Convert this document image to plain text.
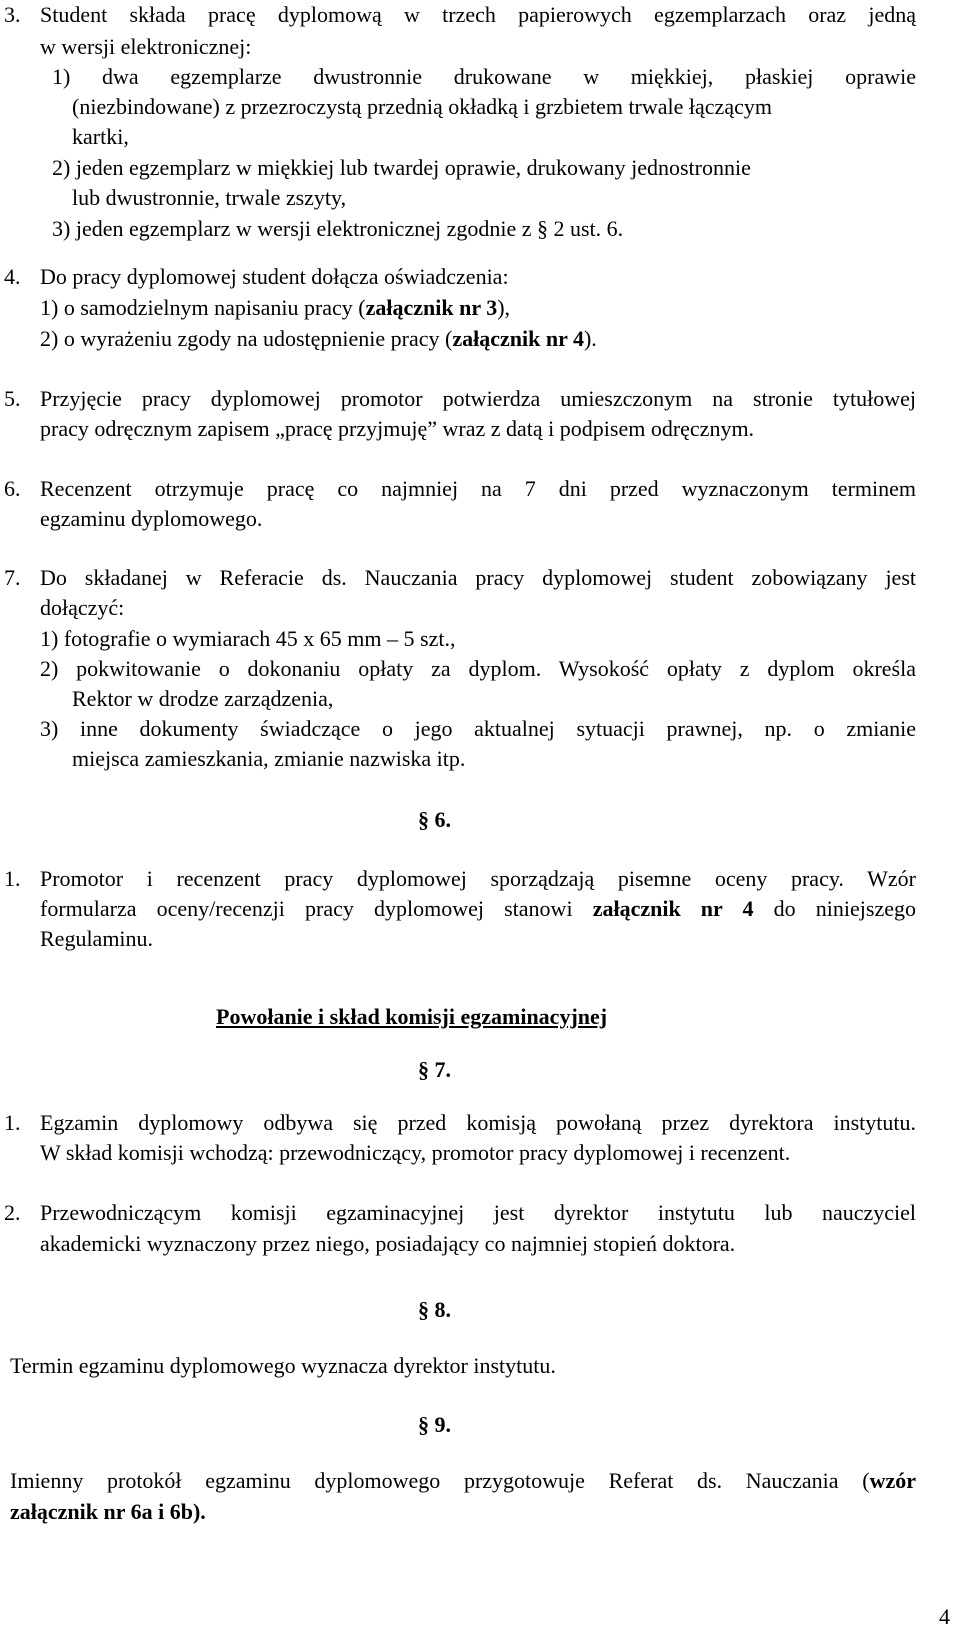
3. Student składa pracę dyplomową w trzech papierowych egzemplarzach oraz jedną
w wersji elektronicznej:
1) dwa egzemplarze dwustronnie drukowane w miękkiej, płaskiej oprawie
(niezbindowane) z przezroczystą przednią okładką i grzbietem trwale łączącym
kartki,
2) jeden egzemplarz w miękkiej lub twardej oprawie, drukowany jednostronnie
lub dwustronnie, trwale zszyty,
3) jeden egzemplarz w wersji elektronicznej zgodnie z § 2 ust. 6.
4. Do pracy dyplomowej student dołącza oświadczenia:
1) o samodzielnym napisaniu pracy (załącznik nr 3),
2) o wyrażeniu zgody na udostępnienie pracy (załącznik nr 4).
5. Przyjęcie pracy dyplomowej promotor potwierdza umieszczonym na stronie tytułowej
pracy odręcznym zapisem „pracę przyjmuję” wraz z datą i podpisem odręcznym.
6. Recenzent otrzymuje pracę co najmniej na 7 dni przed wyznaczonym terminem
egzaminu dyplomowego.
7. Do składanej w Referacie ds. Nauczania pracy dyplomowej student zobowiązany jest
dołączyć:
1) fotografie o wymiarach 45 x 65 mm – 5 szt.,
2) pokwitowanie o dokonaniu opłaty za dyplom. Wysokość opłaty z dyplom określa
Rektor w drodze zarządzenia,
3) inne dokumenty świadczące o jego aktualnej sytuacji prawnej, np. o zmianie
miejsca zamieszkania, zmianie nazwiska itp.
§ 6.
1. Promotor i recenzent pracy dyplomowej sporządzają pisemne oceny pracy. Wzór
formularza oceny/recenzji pracy dyplomowej stanowi załącznik nr 4 do niniejszego
Regulaminu.
Powołanie i skład komisji egzaminacyjnej
§ 7.
1. Egzamin dyplomowy odbywa się przed komisją powołaną przez dyrektora instytutu.
W skład komisji wchodzą: przewodniczący, promotor pracy dyplomowej i recenzent.
2. Przewodniczącym komisji egzaminacyjnej jest dyrektor instytutu lub nauczyciel
akademicki wyznaczony przez niego, posiadający co najmniej stopień doktora.
§ 8.
Termin egzaminu dyplomowego wyznacza dyrektor instytutu.
§ 9.
Imienny protokół egzaminu dyplomowego przygotowuje Referat ds. Nauczania (wzór
załącznik nr 6a i 6b).
4
